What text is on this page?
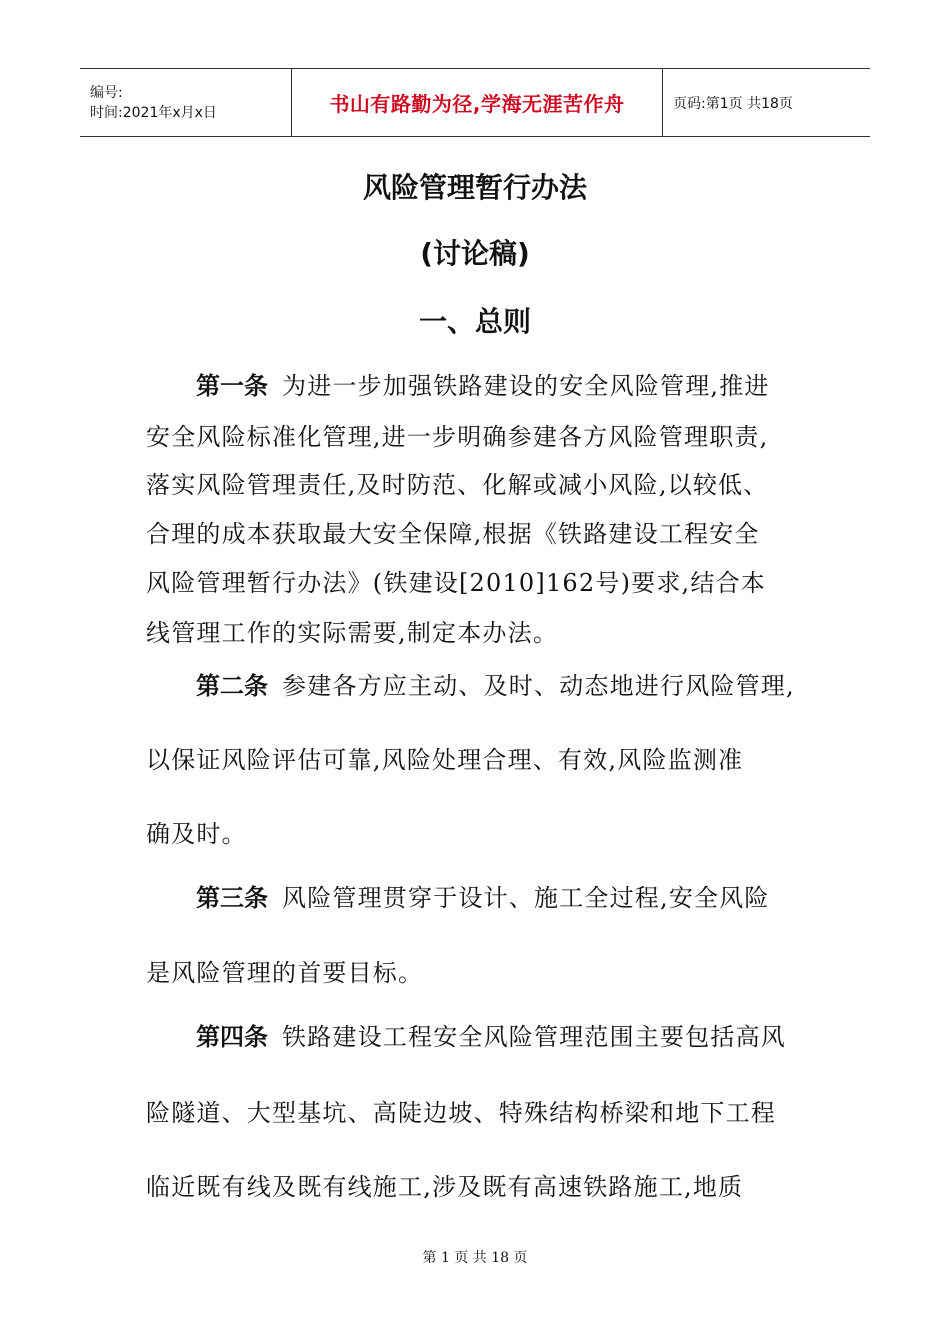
编号:
时间:2021年x月x日	书山有路勤为径,学海无涯苦作舟	页码:第1页 共18页
风险管理暂行办法
(讨论稿)
一、总则
第一条 为进一步加强铁路建设的安全风险管理,推进
安全风险标准化管理,进一步明确参建各方风险管理职责,
落实风险管理责任,及时防范、化解或减小风险,以较低、
合理的成本获取最大安全保障,根据《铁路建设工程安全
风险管理暂行办法》(铁建设[2010]162号)要求,结合本
线管理工作的实际需要,制定本办法。
第二条 参建各方应主动、及时、动态地进行风险管理,
以保证风险评估可靠,风险处理合理、有效,风险监测准
确及时。
第三条 风险管理贯穿于设计、施工全过程,安全风险
是风险管理的首要目标。
第四条 铁路建设工程安全风险管理范围主要包括高风
险隧道、大型基坑、高陡边坡、特殊结构桥梁和地下工程
临近既有线及既有线施工,涉及既有高速铁路施工,地质
第 1 页 共 18 页
